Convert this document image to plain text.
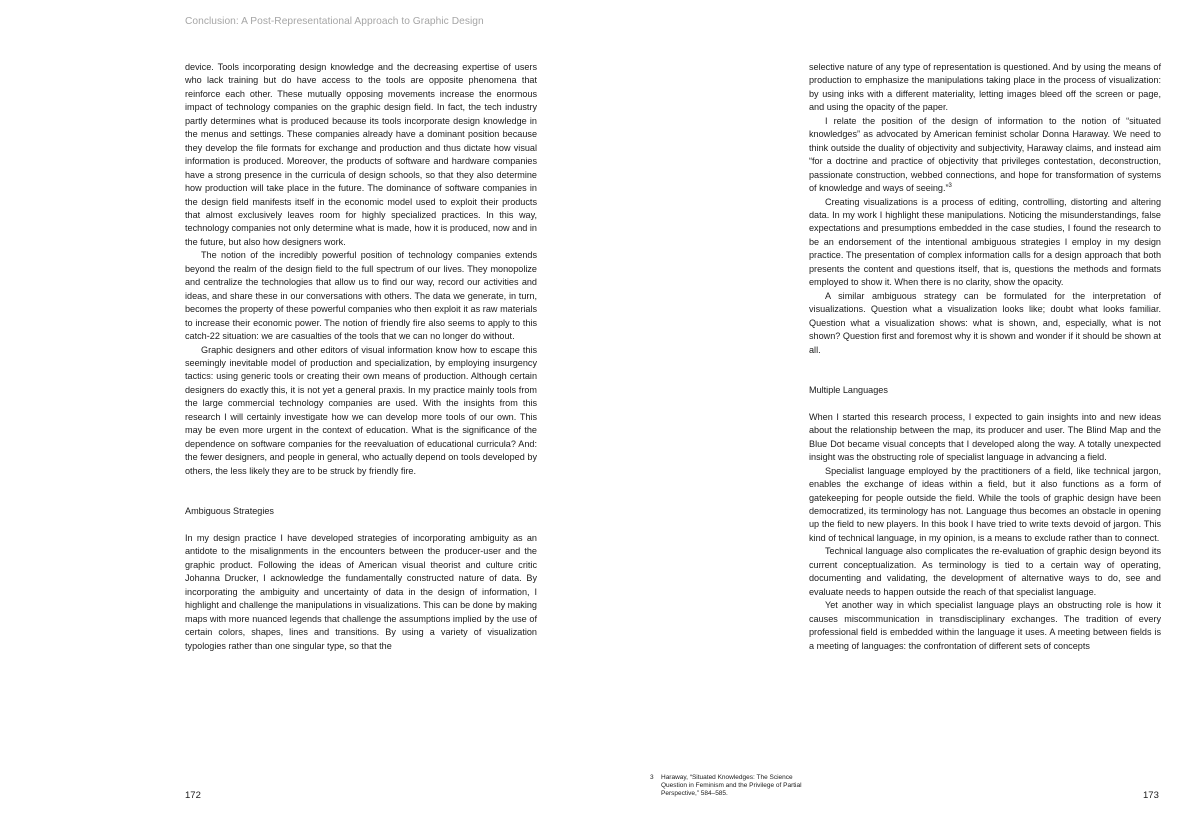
Conclusion: A Post-Representational Approach to Graphic Design

device. Tools incorporating design knowledge and the decreasing expertise of users who lack training but do have access to the tools are opposite phenomena that reinforce each other. These mutually opposing movements increase the enormous impact of technology companies on the graphic design field. In fact, the tech industry partly determines what is produced because its tools incorporate design knowledge in the menus and settings. These companies already have a dominant position because they develop the file formats for exchange and production and thus dictate how visual information is produced. Moreover, the products of software and hardware companies have a strong presence in the curricula of design schools, so that they also determine how production will take place in the future. The dominance of software companies in the design field manifests itself in the economic model used to exploit their products that almost exclusively leaves room for highly specialized practices. In this way, technology companies not only determine what is made, how it is produced, now and in the future, but also how designers work.

The notion of the incredibly powerful position of technology companies extends beyond the realm of the design field to the full spectrum of our lives. They monopolize and centralize the technologies that allow us to find our way, record our activities and ideas, and share these in our conversations with others. The data we generate, in turn, becomes the property of these powerful companies who then exploit it as raw materials to increase their economic power. The notion of friendly fire also seems to apply to this catch-22 situation: we are casualties of the tools that we can no longer do without.

Graphic designers and other editors of visual information know how to escape this seemingly inevitable model of production and specialization, by employing insurgency tactics: using generic tools or creating their own means of production. Although certain designers do exactly this, it is not yet a general praxis. In my practice mainly tools from the large commercial technology companies are used. With the insights from this research I will certainly investigate how we can develop more tools of our own. This may be even more urgent in the context of education. What is the significance of the dependence on software companies for the reevaluation of educational curricula? And: the fewer designers, and people in general, who actually depend on tools developed by others, the less likely they are to be struck by friendly fire.

Ambiguous Strategies

In my design practice I have developed strategies of incorporating ambiguity as an antidote to the misalignments in the encounters between the producer-user and the graphic product. Following the ideas of American visual theorist and culture critic Johanna Drucker, I acknowledge the fundamentally constructed nature of data. By incorporating the ambiguity and uncertainty of data in the design of information, I highlight and challenge the manipulations in visualizations. This can be done by making maps with more nuanced legends that challenge the assumptions implied by the use of certain colors, shapes, lines and transitions. By using a variety of visualization typologies rather than one singular type, so that the

selective nature of any type of representation is questioned. And by using the means of production to emphasize the manipulations taking place in the process of visualization: by using inks with a different materiality, letting images bleed off the screen or page, and using the opacity of the paper.

I relate the position of the design of information to the notion of “situated knowledges” as advocated by American feminist scholar Donna Haraway. We need to think outside the duality of objectivity and subjectivity, Haraway claims, and instead aim “for a doctrine and practice of objectivity that privileges contestation, deconstruction, passionate construction, webbed connections, and hope for transformation of systems of knowledge and ways of seeing.”$^3$

Creating visualizations is a process of editing, controlling, distorting and altering data. In my work I highlight these manipulations. Noticing the misunderstandings, false expectations and presumptions embedded in the case studies, I found the research to be an endorsement of the intentional ambiguous strategies I employ in my design practice. The presentation of complex information calls for a design approach that both presents the content and questions itself, that is, questions the methods and formats employed to show it. When there is no clarity, show the opacity.

A similar ambiguous strategy can be formulated for the interpretation of visualizations. Question what a visualization looks like; doubt what looks familiar. Question what a visualization shows: what is shown, and, especially, what is not shown? Question first and foremost why it is shown and wonder if it should be shown at all.

Multiple Languages

When I started this research process, I expected to gain insights into and new ideas about the relationship between the map, its producer and user. The Blind Map and the Blue Dot became visual concepts that I developed along the way. A totally unexpected insight was the obstructing role of specialist language in advancing a field.

Specialist language employed by the practitioners of a field, like technical jargon, enables the exchange of ideas within a field, but it also functions as a form of gatekeeping for people outside the field. While the tools of graphic design have been democratized, its terminology has not. Language thus becomes an obstacle in opening up the field to new players. In this book I have tried to write texts devoid of jargon. This kind of technical language, in my opinion, is a means to exclude rather than to connect.

Technical language also complicates the re-evaluation of graphic design beyond its current conceptualization. As terminology is tied to a certain way of operating, documenting and validating, the development of alternative ways to do, see and evaluate needs to happen outside the reach of that specialist language.

Yet another way in which specialist language plays an obstructing role is how it causes miscommunication in transdisciplinary exchanges. The tradition of every professional field is embedded within the language it uses. A meeting between fields is a meeting of languages: the confrontation of different sets of concepts

3 Haraway, “Situated Knowledges: The Science Question in Feminism and the Privilege of Partial Perspective,” 584–585.
172	173
